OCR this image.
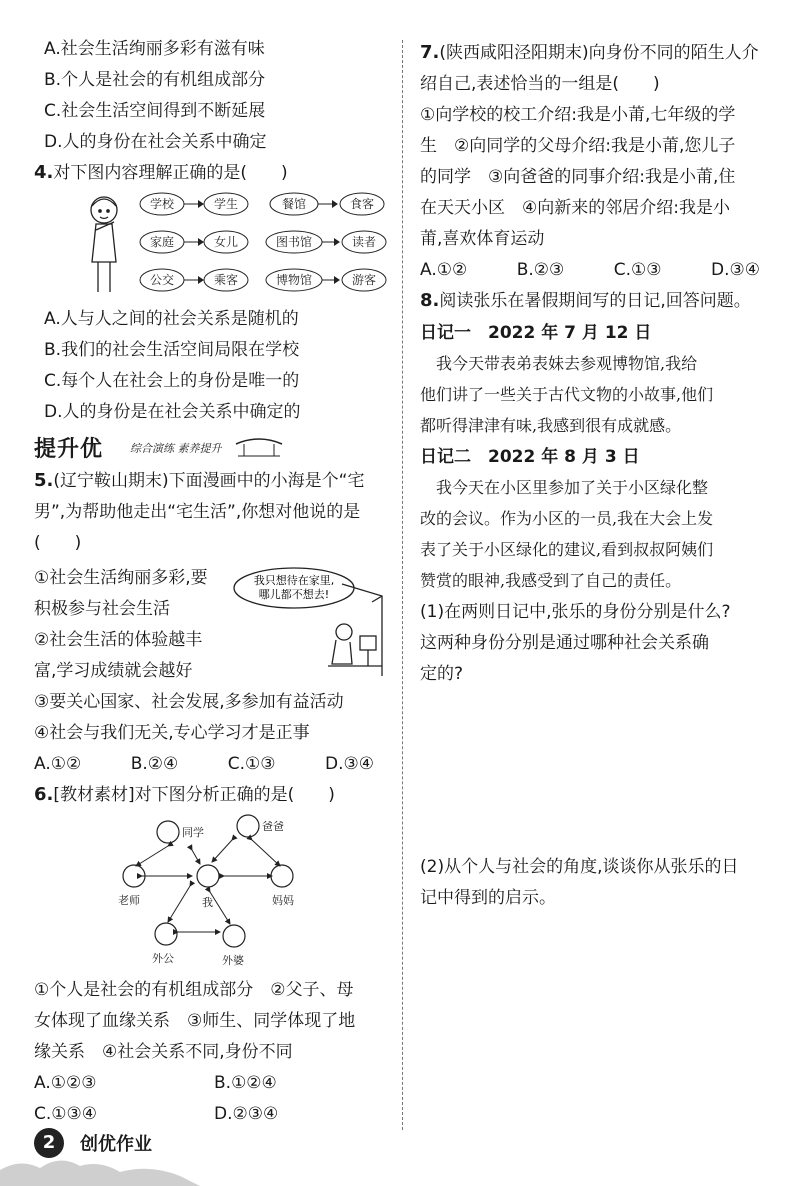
A.社会生活绚丽多彩有滋有味
B.个人是社会的有机组成部分
C.社会生活空间得到不断延展
D.人的身份在社会关系中确定
4.对下图内容理解正确的是(　　)
学校	学生	餐馆	食客
家庭	女儿	图书馆	读者
公交	乘客	博物馆	游客
A.人与人之间的社会关系是随机的
B.我们的社会生活空间局限在学校
C.每个人在社会上的身份是唯一的
D.人的身份是在社会关系中确定的
提升优 综合演练 素养提升
5.(辽宁鞍山期末)下面漫画中的小海是个“宅
男”,为帮助他走出“宅生活”,你想对他说的是
(　　)
①社会生活绚丽多彩,要
积极参与社会生活
②社会生活的体验越丰
富,学习成绩就会越好
③要关心国家、社会发展,多参加有益活动
④社会与我们无关,专心学习才是正事
A.①②	B.②④	C.①③	D.③④
6.[教材素材]对下图分析正确的是(　　)
①个人是社会的有机组成部分　②父子、母
女体现了血缘关系　③师生、同学体现了地
缘关系　④社会关系不同,身份不同
A.①②③	B.①②④
C.①③④	D.②③④
我只想待在家里,
哪儿都不想去!
同学	爸爸
老师	我	妈妈
外公	外婆
7.(陕西咸阳泾阳期末)向身份不同的陌生人介
绍自己,表述恰当的一组是(　　)
①向学校的校工介绍:我是小莆,七年级的学
生　②向同学的父母介绍:我是小莆,您儿子
的同学　③向爸爸的同事介绍:我是小莆,住
在天天小区　④向新来的邻居介绍:我是小
莆,喜欢体育运动
A.①②	B.②③	C.①③	D.③④
8.阅读张乐在暑假期间写的日记,回答问题。
日记一　2022 年 7 月 12 日
　我今天带表弟表妹去参观博物馆,我给
他们讲了一些关于古代文物的小故事,他们
都听得津津有味,我感到很有成就感。
日记二　2022 年 8 月 3 日
　我今天在小区里参加了关于小区绿化整
改的会议。作为小区的一员,我在大会上发
表了关于小区绿化的建议,看到叔叔阿姨们
赞赏的眼神,我感受到了自己的责任。
(1)在两则日记中,张乐的身份分别是什么?
这两种身份分别是通过哪种社会关系确
定的?
(2)从个人与社会的角度,谈谈你从张乐的日
记中得到的启示。
2	创优作业
